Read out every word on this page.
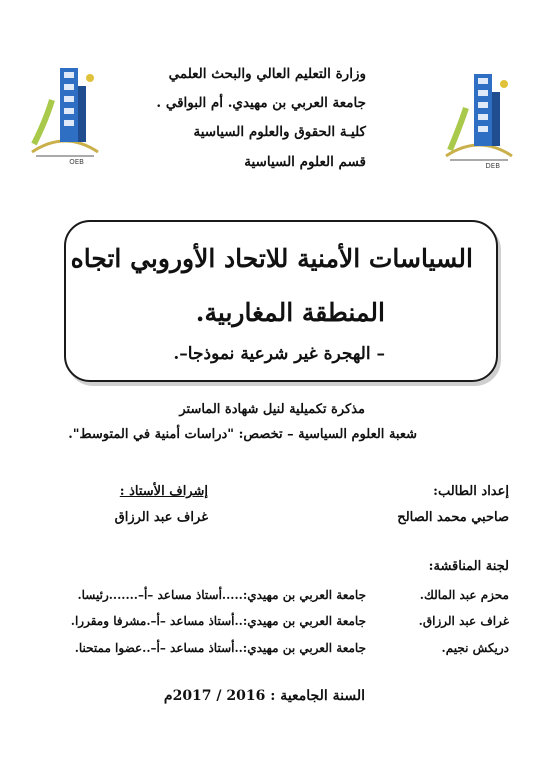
OEB	DEB
وزارة التعليم العالي والبحث العلمي
جامعة العربي بن مهيدي. أم البواقي .
كليـة الحقوق والعلوم السياسية
قسم العلوم السياسية
السياسات الأمنية للاتحاد الأوروبي اتجاه
المنطقة المغاربية.
– الهجرة غير شرعية نموذجا–.
مذكرة تكميلية لنيل شهادة الماستر
شعبة العلوم السياسية – تخصص: "دراسات أمنية في المتوسط".
إعداد الطالب:
صاحبي محمد الصالح
إشراف الأستاذ :
غراف عبد الرزاق
لجنة المناقشة:
محزم عبد المالك.
جامعة العربي بن مهيدي:.....أستاذ مساعد –أ–.......رئيسا.
غراف عبد الرزاق.
جامعة العربي بن مهيدي:..أستاذ مساعد –أ–.مشرفا ومقررا.
دريكش نجيم.
جامعة العربي بن مهيدي:..أستاذ مساعد –أ–..عضوا ممتحنا.
السنة الجامعية : 2016 / 2017م
